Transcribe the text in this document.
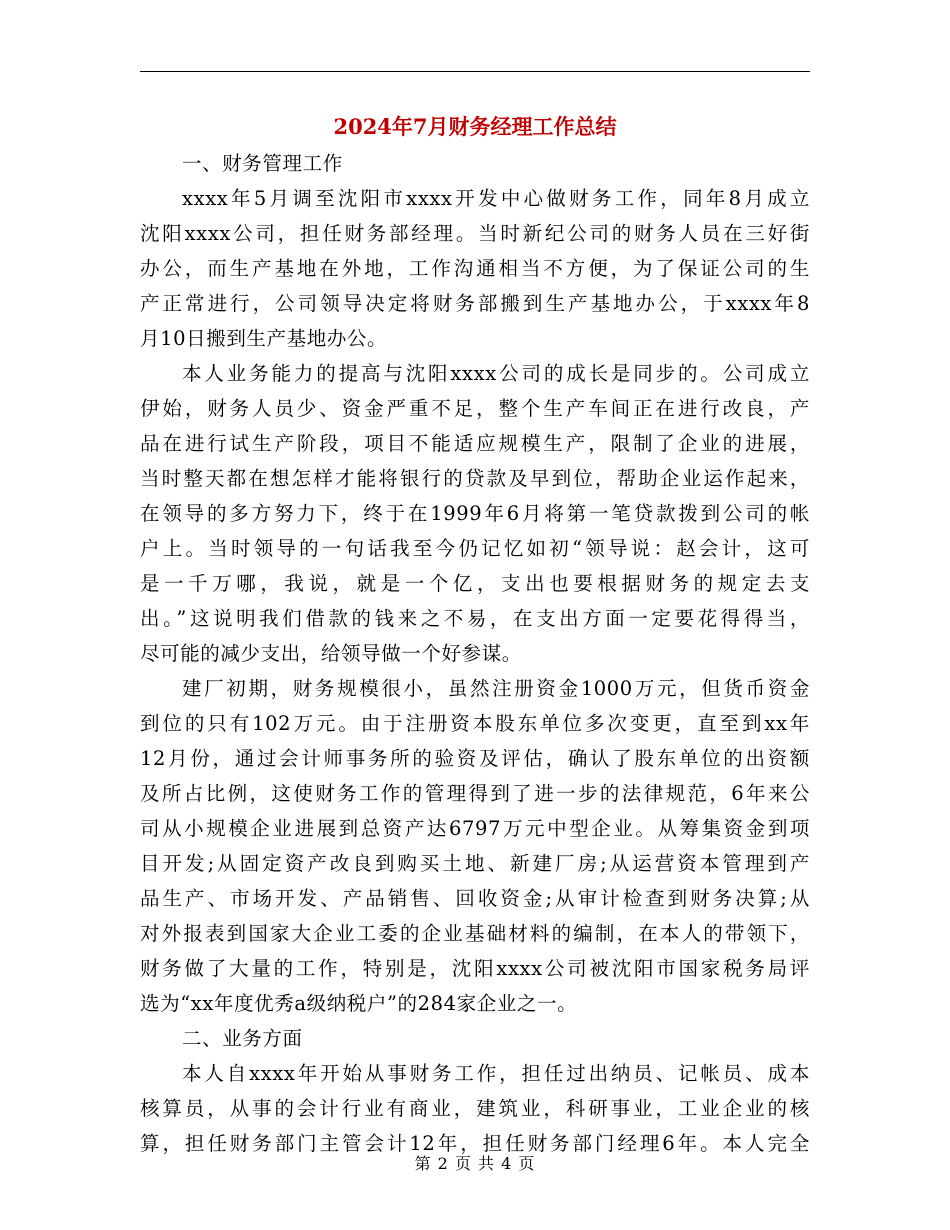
2024年7月财务经理工作总结
一、财务管理工作
xxxx年5月调至沈阳市xxxx开发中心做财务工作，同年8月成立
沈阳xxxx公司，担任财务部经理。当时新纪公司的财务人员在三好街
办公，而生产基地在外地，工作沟通相当不方便，为了保证公司的生
产正常进行，公司领导决定将财务部搬到生产基地办公，于xxxx年8
月10日搬到生产基地办公。
本人业务能力的提高与沈阳xxxx公司的成长是同步的。公司成立
伊始，财务人员少、资金严重不足，整个生产车间正在进行改良，产
品在进行试生产阶段，项目不能适应规模生产，限制了企业的进展，
当时整天都在想怎样才能将银行的贷款及早到位，帮助企业运作起来，
在领导的多方努力下，终于在1999年6月将第一笔贷款拨到公司的帐
户上。当时领导的一句话我至今仍记忆如初“领导说：赵会计，这可
是一千万哪，我说，就是一个亿，支出也要根据财务的规定去支
出。”这说明我们借款的钱来之不易，在支出方面一定要花得得当，
尽可能的减少支出，给领导做一个好参谋。
建厂初期，财务规模很小，虽然注册资金1000万元，但货币资金
到位的只有102万元。由于注册资本股东单位多次变更，直至到xx年
12月份，通过会计师事务所的验资及评估，确认了股东单位的出资额
及所占比例，这使财务工作的管理得到了进一步的法律规范，6年来公
司从小规模企业进展到总资产达6797万元中型企业。从筹集资金到项
目开发;从固定资产改良到购买土地、新建厂房;从运营资本管理到产
品生产、市场开发、产品销售、回收资金;从审计检查到财务决算;从
对外报表到国家大企业工委的企业基础材料的编制，在本人的带领下，
财务做了大量的工作，特别是，沈阳xxxx公司被沈阳市国家税务局评
选为“xx年度优秀a级纳税户”的284家企业之一。
二、业务方面
本人自xxxx年开始从事财务工作，担任过出纳员、记帐员、成本
核算员，从事的会计行业有商业，建筑业，科研事业，工业企业的核
算，担任财务部门主管会计12年，担任财务部门经理6年。本人完全

第 2 页 共 4 页
